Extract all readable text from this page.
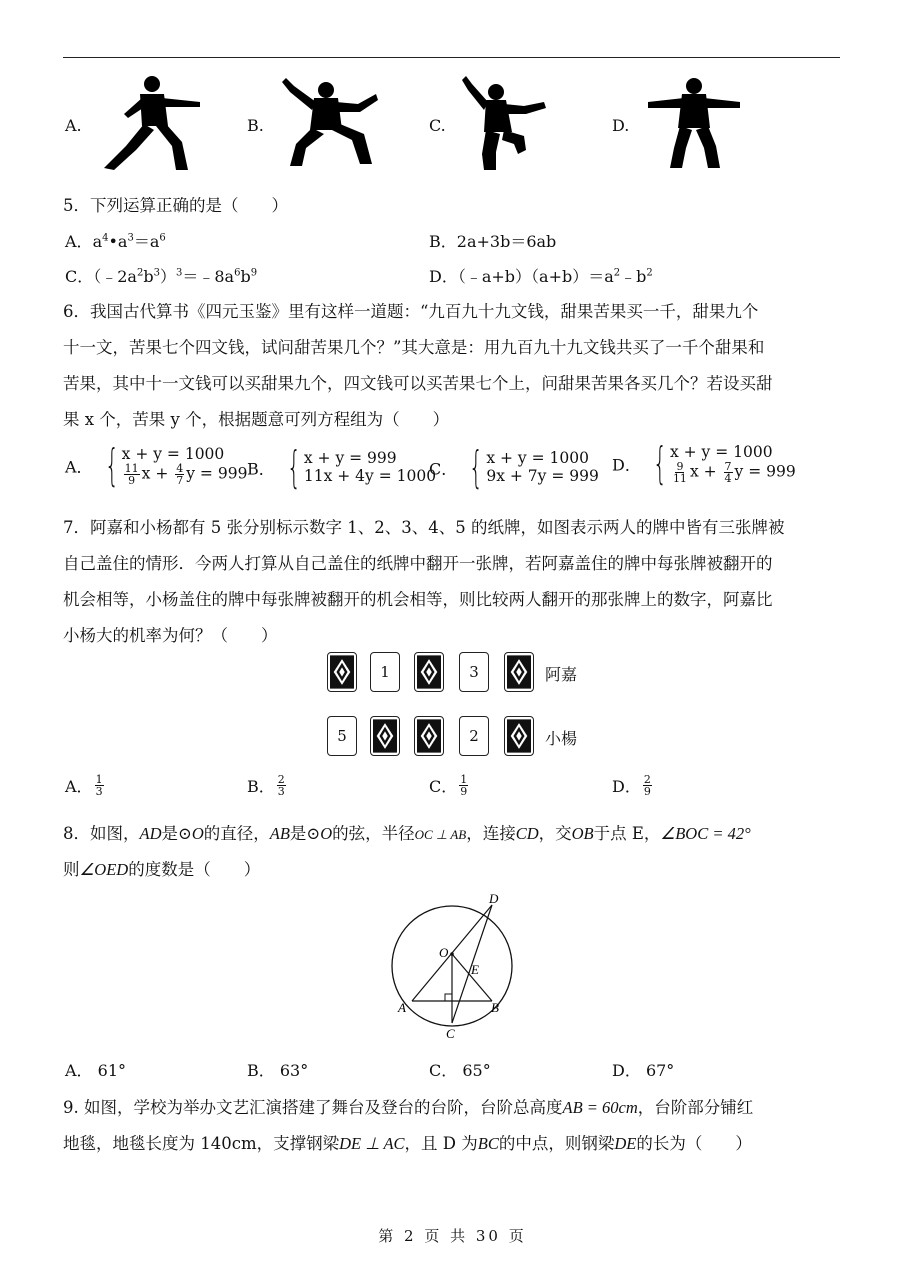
A.	B.	C.	D.
5．下列运算正确的是（　　）
A．$a^4•a^3=a^6$	B．2a+3b＝6ab
C．$(﹣2a^2b^3)^3=﹣8a^6b^9$	D．$(﹣a+b)(a+b)=a^2﹣b^2$
6．我国古代算书《四元玉鉴》里有这样一道题：“九百九十九文钱，甜果苦果买一千，甜果九个
十一文，苦果七个四文钱，试问甜苦果几个？”其大意是：用九百九十九文钱共买了一千个甜果和
苦果，其中十一文钱可以买甜果九个，四文钱可以买苦果七个上，问甜果苦果各买几个？若设买甜
果 x 个，苦果 y 个，根据题意可列方程组为（　　）
A． { x + y = 1000
$\frac{11}{9}$ $x + \frac{4}{7}$ y = 999 B． { x + y = 999
11x + 4y = 1000
C． { x + y = 1000
9x + 7y = 999
D． { x + y = 1000
$\frac{9}{11}$ $x + \frac{7}{4}$ y = 999
7．阿嘉和小杨都有 5 张分别标示数字 1、2、3、4、5 的纸牌，如图表示两人的牌中皆有三张牌被
自己盖住的情形．今两人打算从自己盖住的纸牌中翻开一张牌，若阿嘉盖住的牌中每张牌被翻开的
机会相等，小杨盖住的牌中每张牌被翻开的机会相等，则比较两人翻开的那张牌上的数字，阿嘉比
小杨大的机率为何？（　　）
1	3	阿嘉
5	2	小楊
A． $\frac{1}{3}$	B． $\frac{2}{3}$	C． $\frac{1}{9}$	D． $\frac{2}{9}$
8．如图，AD是⊙O的直径，AB是⊙O的弦，半径OC ⊥ AB，连接CD，交OB于点 E，∠BOC = 42°
则∠OED的度数是（　　）
D
O
E
A	B
C
A． 61°	B． 63°	C． 65°	D． 67°
9. 如图，学校为举办文艺汇演搭建了舞台及登台的台阶，台阶总高度AB = 60cm，台阶部分铺红
地毯，地毯长度为 140cm，支撑钢梁DE ⊥ AC，且 D 为BC的中点，则钢梁DE的长为（　　）
第 2 页 共 30 页
